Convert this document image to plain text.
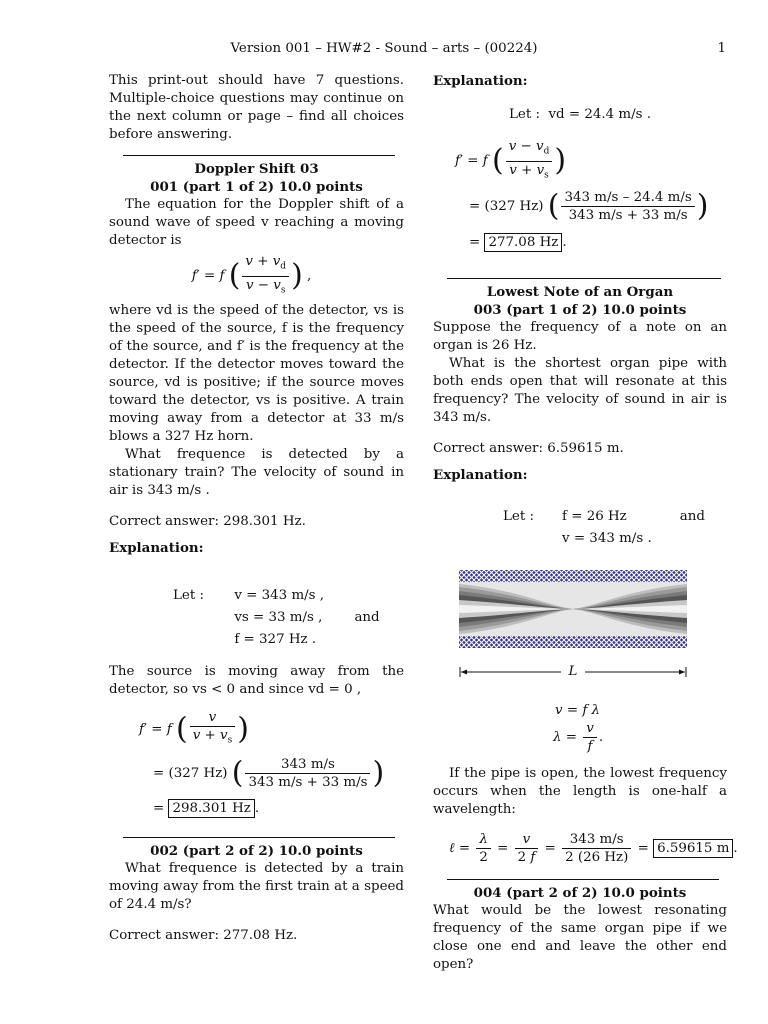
Version 001 – HW#2 - Sound – arts – (00224)	1

This print-out should have 7 questions. Multiple-choice questions may continue on the next column or page – find all choices before answering.

Doppler Shift 03

001 (part 1 of 2) 10.0 points

The equation for the Doppler shift of a sound wave of speed v reaching a moving detector is

f′ = f ( $\frac{v + v_d}{v - v_s}$ ) ,

where vd is the speed of the detector, vs is the speed of the source, f is the frequency of the source, and f′ is the frequency at the detector. If the detector moves toward the source, vd is positive; if the source moves toward the detector, vs is positive. A train moving away from a detector at 33 m/s blows a 327 Hz horn.

What frequence is detected by a stationary train? The velocity of sound in air is 343 m/s .

Correct answer: 298.301 Hz.

Explanation:

Let :	v = 343 m/s ,
vs = 33 m/s ,	and
f = 327 Hz .

The source is moving away from the detector, so vs < 0 and since vd = 0 ,

f′ = f ( $\frac{v}{v + v_s}$ )
= (327 Hz) ( $\frac{343 m/s}{343 m/s + 33 m/s}$ )
= 298.301 Hz .

002 (part 2 of 2) 10.0 points

What frequence is detected by a train moving away from the first train at a speed of 24.4 m/s?

Correct answer: 277.08 Hz.

Explanation:

Let :  vd = 24.4 m/s .
f′ = f ( $\frac{v - v_d}{v + v_s}$ )
= (327 Hz) ( $\frac{343 m/s - 24.4 m/s}{343 m/s + 33 m/s}$ )
= 277.08 Hz .

Lowest Note of an Organ

003 (part 1 of 2) 10.0 points

Suppose the frequency of a note on an organ is 26 Hz.

What is the shortest organ pipe with both ends open that will resonate at this frequency? The velocity of sound in air is 343 m/s.

Correct answer: 6.59615 m.

Explanation:

Let :	f = 26 Hz	and
v = 343 m/s .
L
v = f λ
$\lambda = \frac{v}{f}$ .

If the pipe is open, the lowest frequency occurs when the length is one-half a wavelength:

ℓ = $\frac{\lambda}{2} = \frac{v}{2 f} = \frac{343 m/s}{2 (26 Hz)} = 6.59615$ m .

004 (part 2 of 2) 10.0 points

What would be the lowest resonating frequency of the same organ pipe if we close one end and leave the other end open?
